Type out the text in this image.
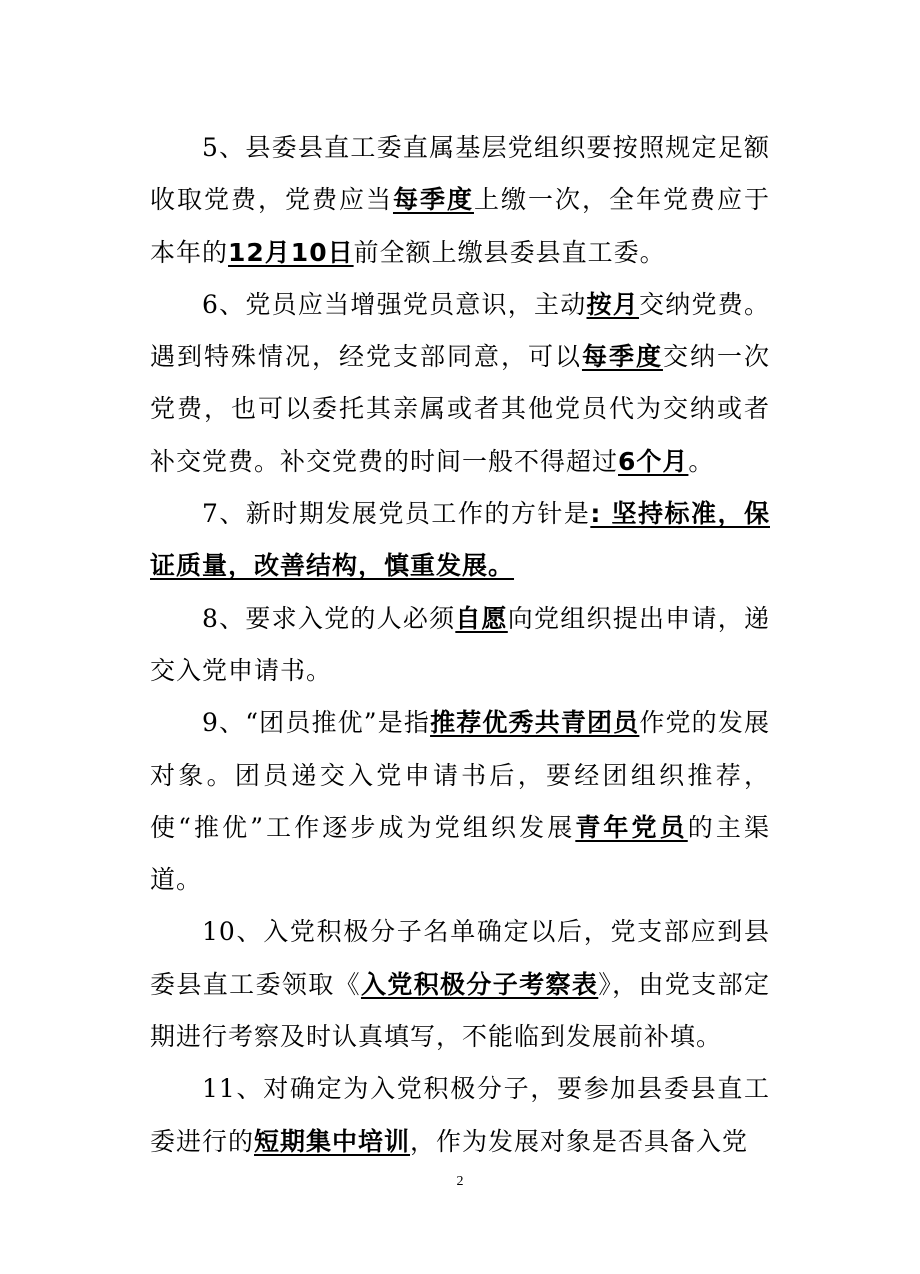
5、县委县直工委直属基层党组织要按照规定足额收取党费，党费应当每季度上缴一次，全年党费应于本年的12月10日前全额上缴县委县直工委。

6、党员应当增强党员意识，主动按月交纳党费。遇到特殊情况，经党支部同意，可以每季度交纳一次党费，也可以委托其亲属或者其他党员代为交纳或者补交党费。补交党费的时间一般不得超过6个月。

7、新时期发展党员工作的方针是: 坚持标准，保证质量，改善结构，慎重发展。

8、要求入党的人必须自愿向党组织提出申请，递交入党申请书。

9、“团员推优”是指推荐优秀共青团员作党的发展对象。团员递交入党申请书后，要经团组织推荐，使“推优”工作逐步成为党组织发展青年党员的主渠道。

10、入党积极分子名单确定以后，党支部应到县委县直工委领取《入党积极分子考察表》，由党支部定期进行考察及时认真填写，不能临到发展前补填。

11、对确定为入党积极分子，要参加县委县直工委进行的短期集中培训，作为发展对象是否具备入党

2
